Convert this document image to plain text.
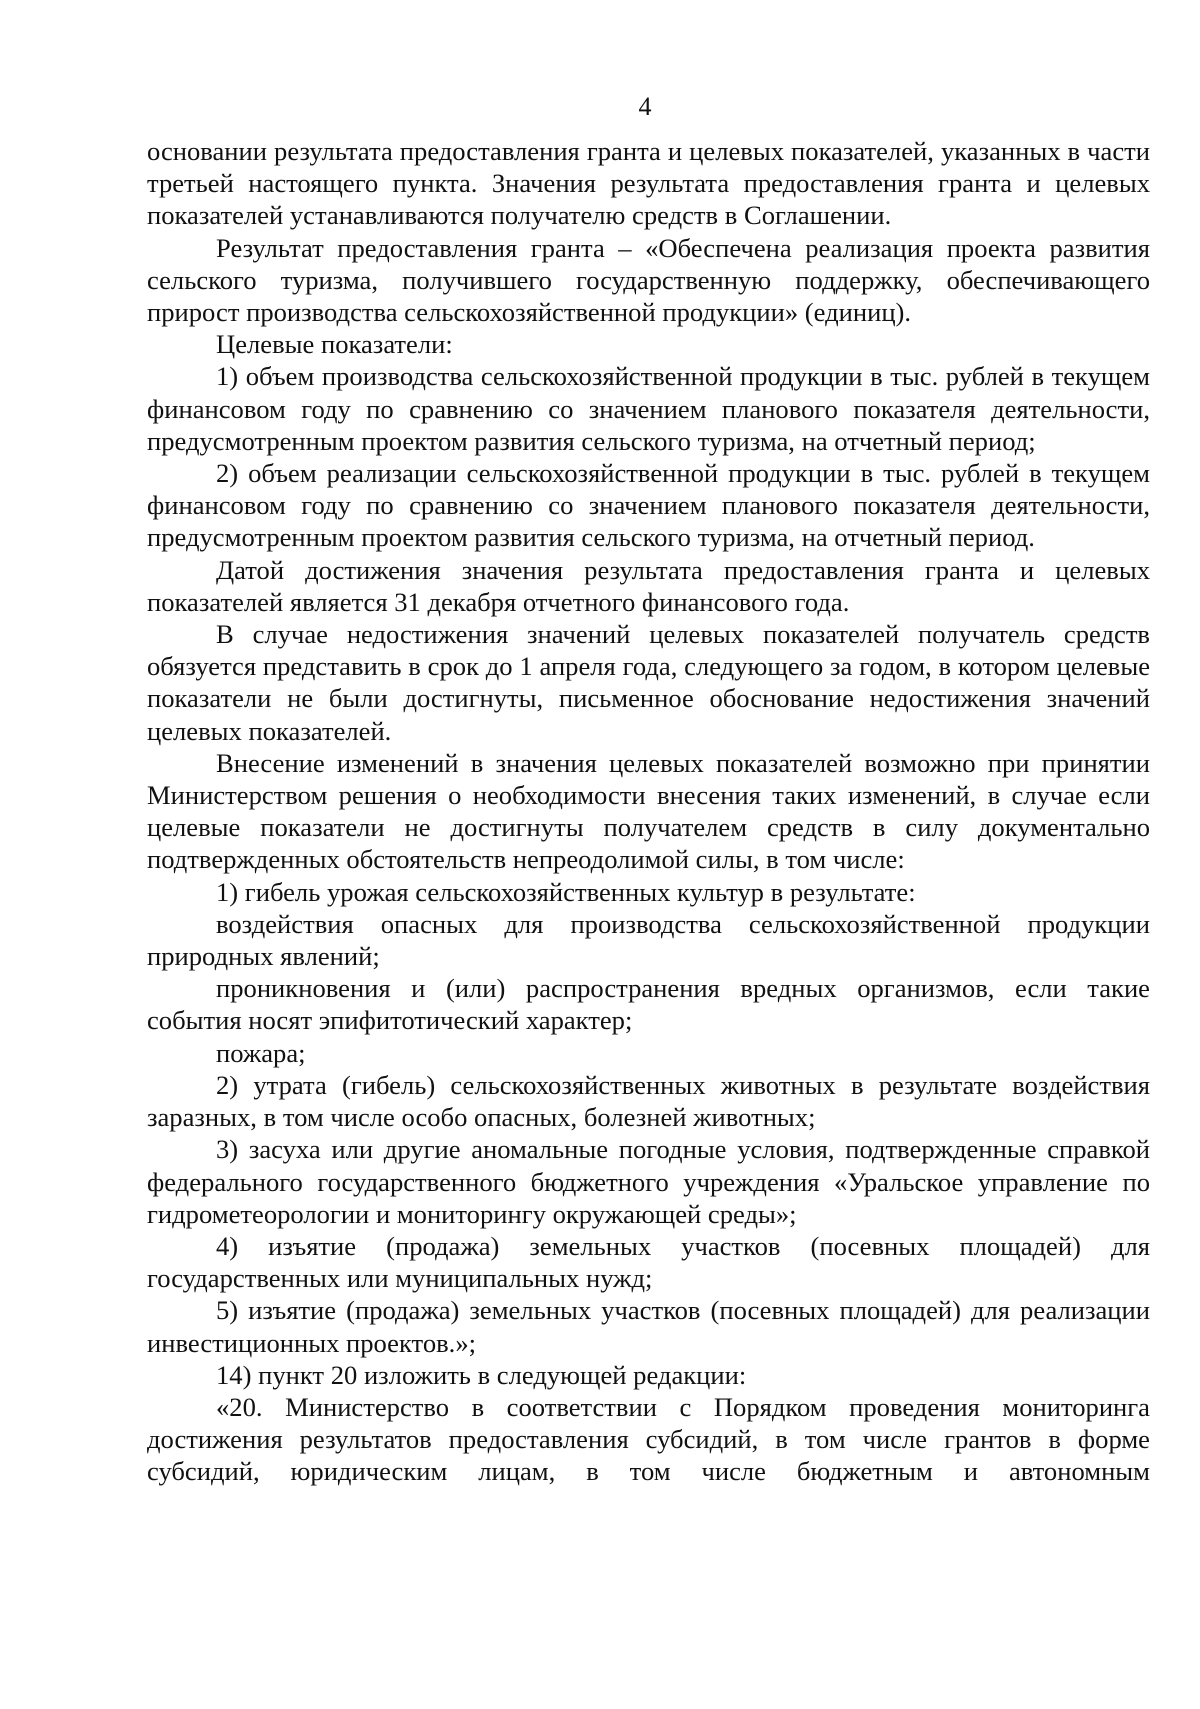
4

основании результата предоставления гранта и целевых показателей, указанных в части третьей настоящего пункта. Значения результата предоставления гранта и целевых показателей устанавливаются получателю средств в Соглашении.

Результат предоставления гранта – «Обеспечена реализация проекта развития сельского туризма, получившего государственную поддержку, обеспечивающего прирост производства сельскохозяйственной продукции» (единиц).

Целевые показатели:

1) объем производства сельскохозяйственной продукции в тыс. рублей в текущем финансовом году по сравнению со значением планового показателя деятельности, предусмотренным проектом развития сельского туризма, на отчетный период;

2) объем реализации сельскохозяйственной продукции в тыс. рублей в текущем финансовом году по сравнению со значением планового показателя деятельности, предусмотренным проектом развития сельского туризма, на отчетный период.

Датой достижения значения результата предоставления гранта и целевых показателей является 31 декабря отчетного финансового года.

В случае недостижения значений целевых показателей получатель средств обязуется представить в срок до 1 апреля года, следующего за годом, в котором целевые показатели не были достигнуты, письменное обоснование недостижения значений целевых показателей.

Внесение изменений в значения целевых показателей возможно при принятии Министерством решения о необходимости внесения таких изменений, в случае если целевые показатели не достигнуты получателем средств в силу документально подтвержденных обстоятельств непреодолимой силы, в том числе:

1) гибель урожая сельскохозяйственных культур в результате:

воздействия опасных для производства сельскохозяйственной продукции природных явлений;

проникновения и (или) распространения вредных организмов, если такие события носят эпифитотический характер;

пожара;

2) утрата (гибель) сельскохозяйственных животных в результате воздействия заразных, в том числе особо опасных, болезней животных;

3) засуха или другие аномальные погодные условия, подтвержденные справкой федерального государственного бюджетного учреждения «Уральское управление по гидрометеорологии и мониторингу окружающей среды»;

4) изъятие (продажа) земельных участков (посевных площадей) для государственных или муниципальных нужд;

5) изъятие (продажа) земельных участков (посевных площадей) для реализации инвестиционных проектов.»;

14) пункт 20 изложить в следующей редакции:

«20. Министерство в соответствии с Порядком проведения мониторинга достижения результатов предоставления субсидий, в том числе грантов в форме субсидий, юридическим лицам, в том числе бюджетным и автономным
